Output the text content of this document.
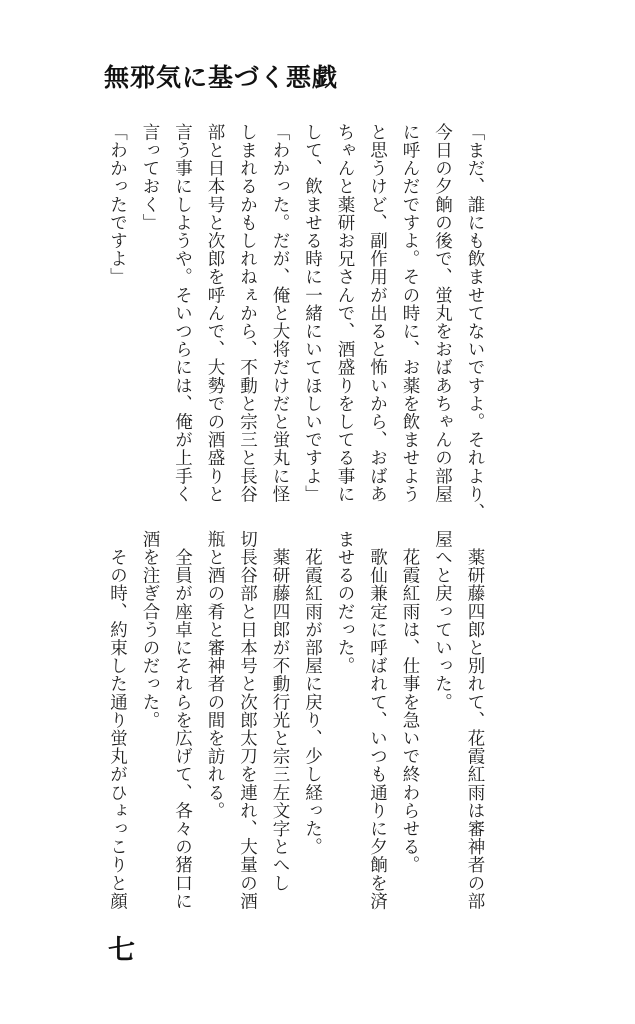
無邪気に基づく悪戯
「まだ、誰にも飲ませてないですよ。それより、
今日の夕餉の後で、蛍丸をおばあちゃんの部屋
に呼んだですよ。その時に、お薬を飲ませよう
と思うけど、副作用が出ると怖いから、おばあ
ちゃんと薬研お兄さんで、酒盛りをしてる事に
して、飲ませる時に一緒にいてほしいですよ」
「わかった。だが、俺と大将だけだと蛍丸に怪
しまれるかもしれねぇから、不動と宗三と長谷
部と日本号と次郎を呼んで、大勢での酒盛りと
言う事にしようや。そいつらには、俺が上手く
言っておく」
「わかったですよ」
　薬研藤四郎と別れて、花霞紅雨は審神者の部
屋へと戻っていった。
　花霞紅雨は、仕事を急いで終わらせる。
　歌仙兼定に呼ばれて、いつも通りに夕餉を済
ませるのだった。
　花霞紅雨が部屋に戻り、少し経った。
　薬研藤四郎が不動行光と宗三左文字とへし
切長谷部と日本号と次郎太刀を連れ、大量の酒
瓶と酒の肴と審神者の間を訪れる。
　全員が座卓にそれらを広げて、各々の猪口に
酒を注ぎ合うのだった。
　その時、約束した通り蛍丸がひょっこりと顔
七
